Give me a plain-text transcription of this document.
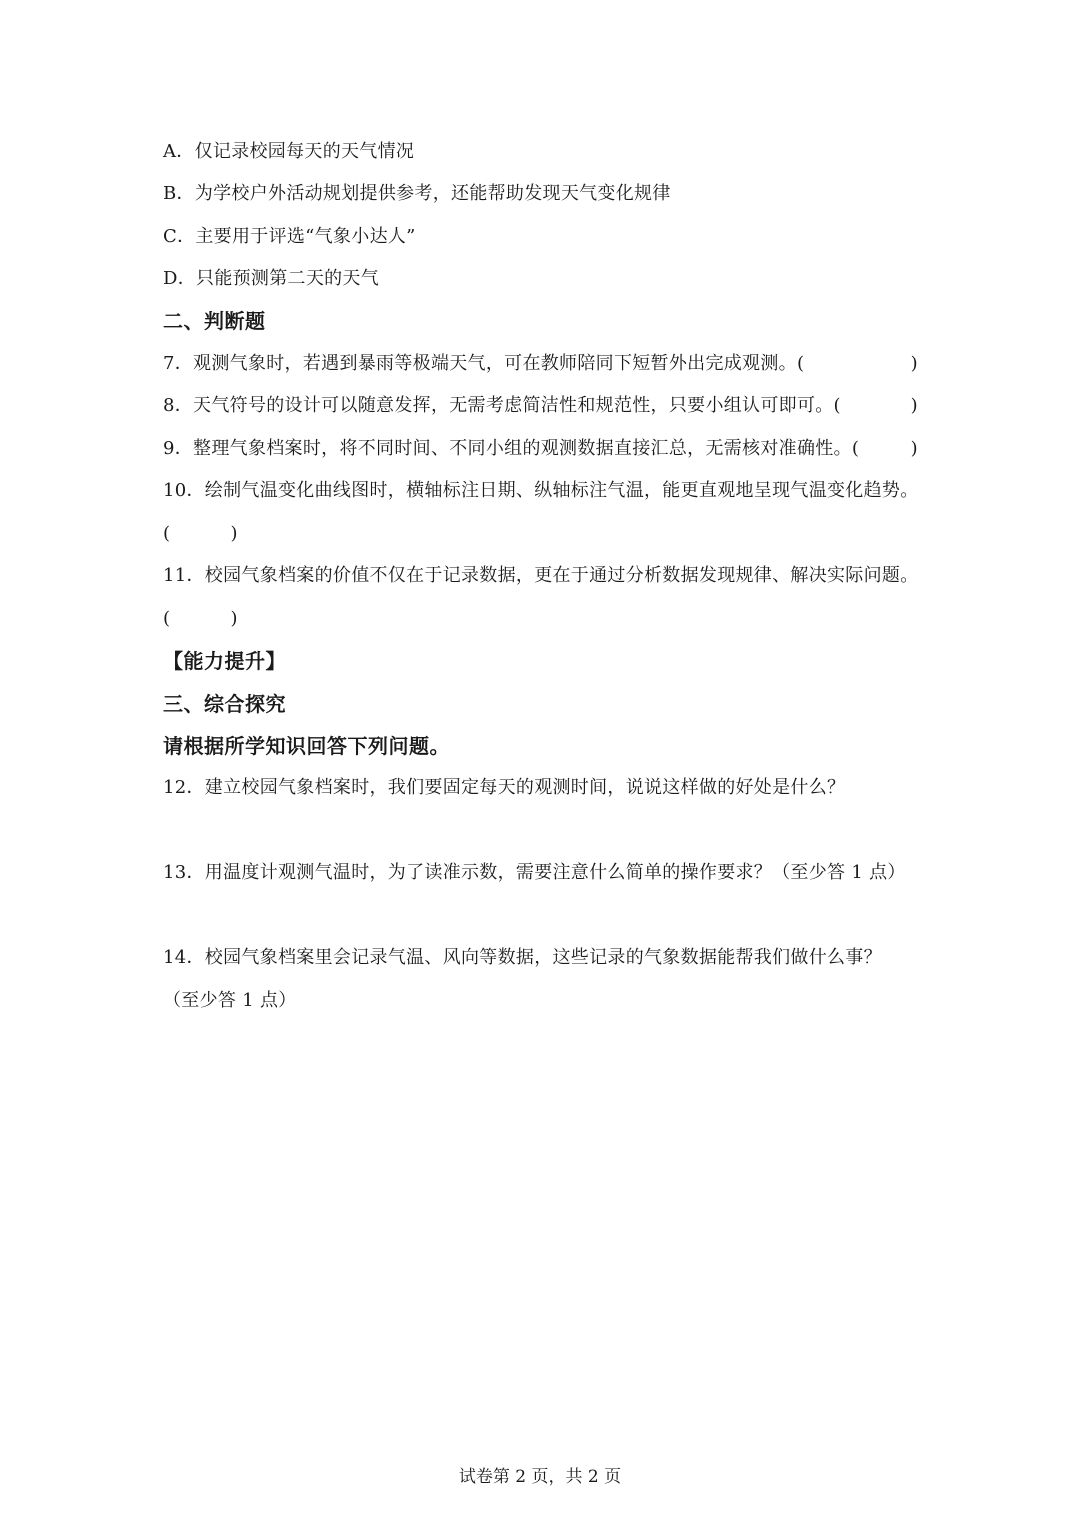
A．仅记录校园每天的天气情况
B．为学校户外活动规划提供参考，还能帮助发现天气变化规律
C．主要用于评选“气象小达人”
D．只能预测第二天的天气
二、判断题
7．观测气象时，若遇到暴雨等极端天气，可在教师陪同下短暂外出完成观测。(	)
8．天气符号的设计可以随意发挥，无需考虑简洁性和规范性，只要小组认可即可。(	)
9．整理气象档案时，将不同时间、不同小组的观测数据直接汇总，无需核对准确性。(	)
10．绘制气温变化曲线图时，横轴标注日期、纵轴标注气温，能更直观地呈现气温变化趋势。
(          )
11．校园气象档案的价值不仅在于记录数据，更在于通过分析数据发现规律、解决实际问题。
(          )
【能力提升】
三、综合探究
请根据所学知识回答下列问题。
12．建立校园气象档案时，我们要固定每天的观测时间，说说这样做的好处是什么？
13．用温度计观测气温时，为了读准示数，需要注意什么简单的操作要求？（至少答 1 点）
14．校园气象档案里会记录气温、风向等数据，这些记录的气象数据能帮我们做什么事？
（至少答 1 点）
试卷第 2 页，共 2 页
